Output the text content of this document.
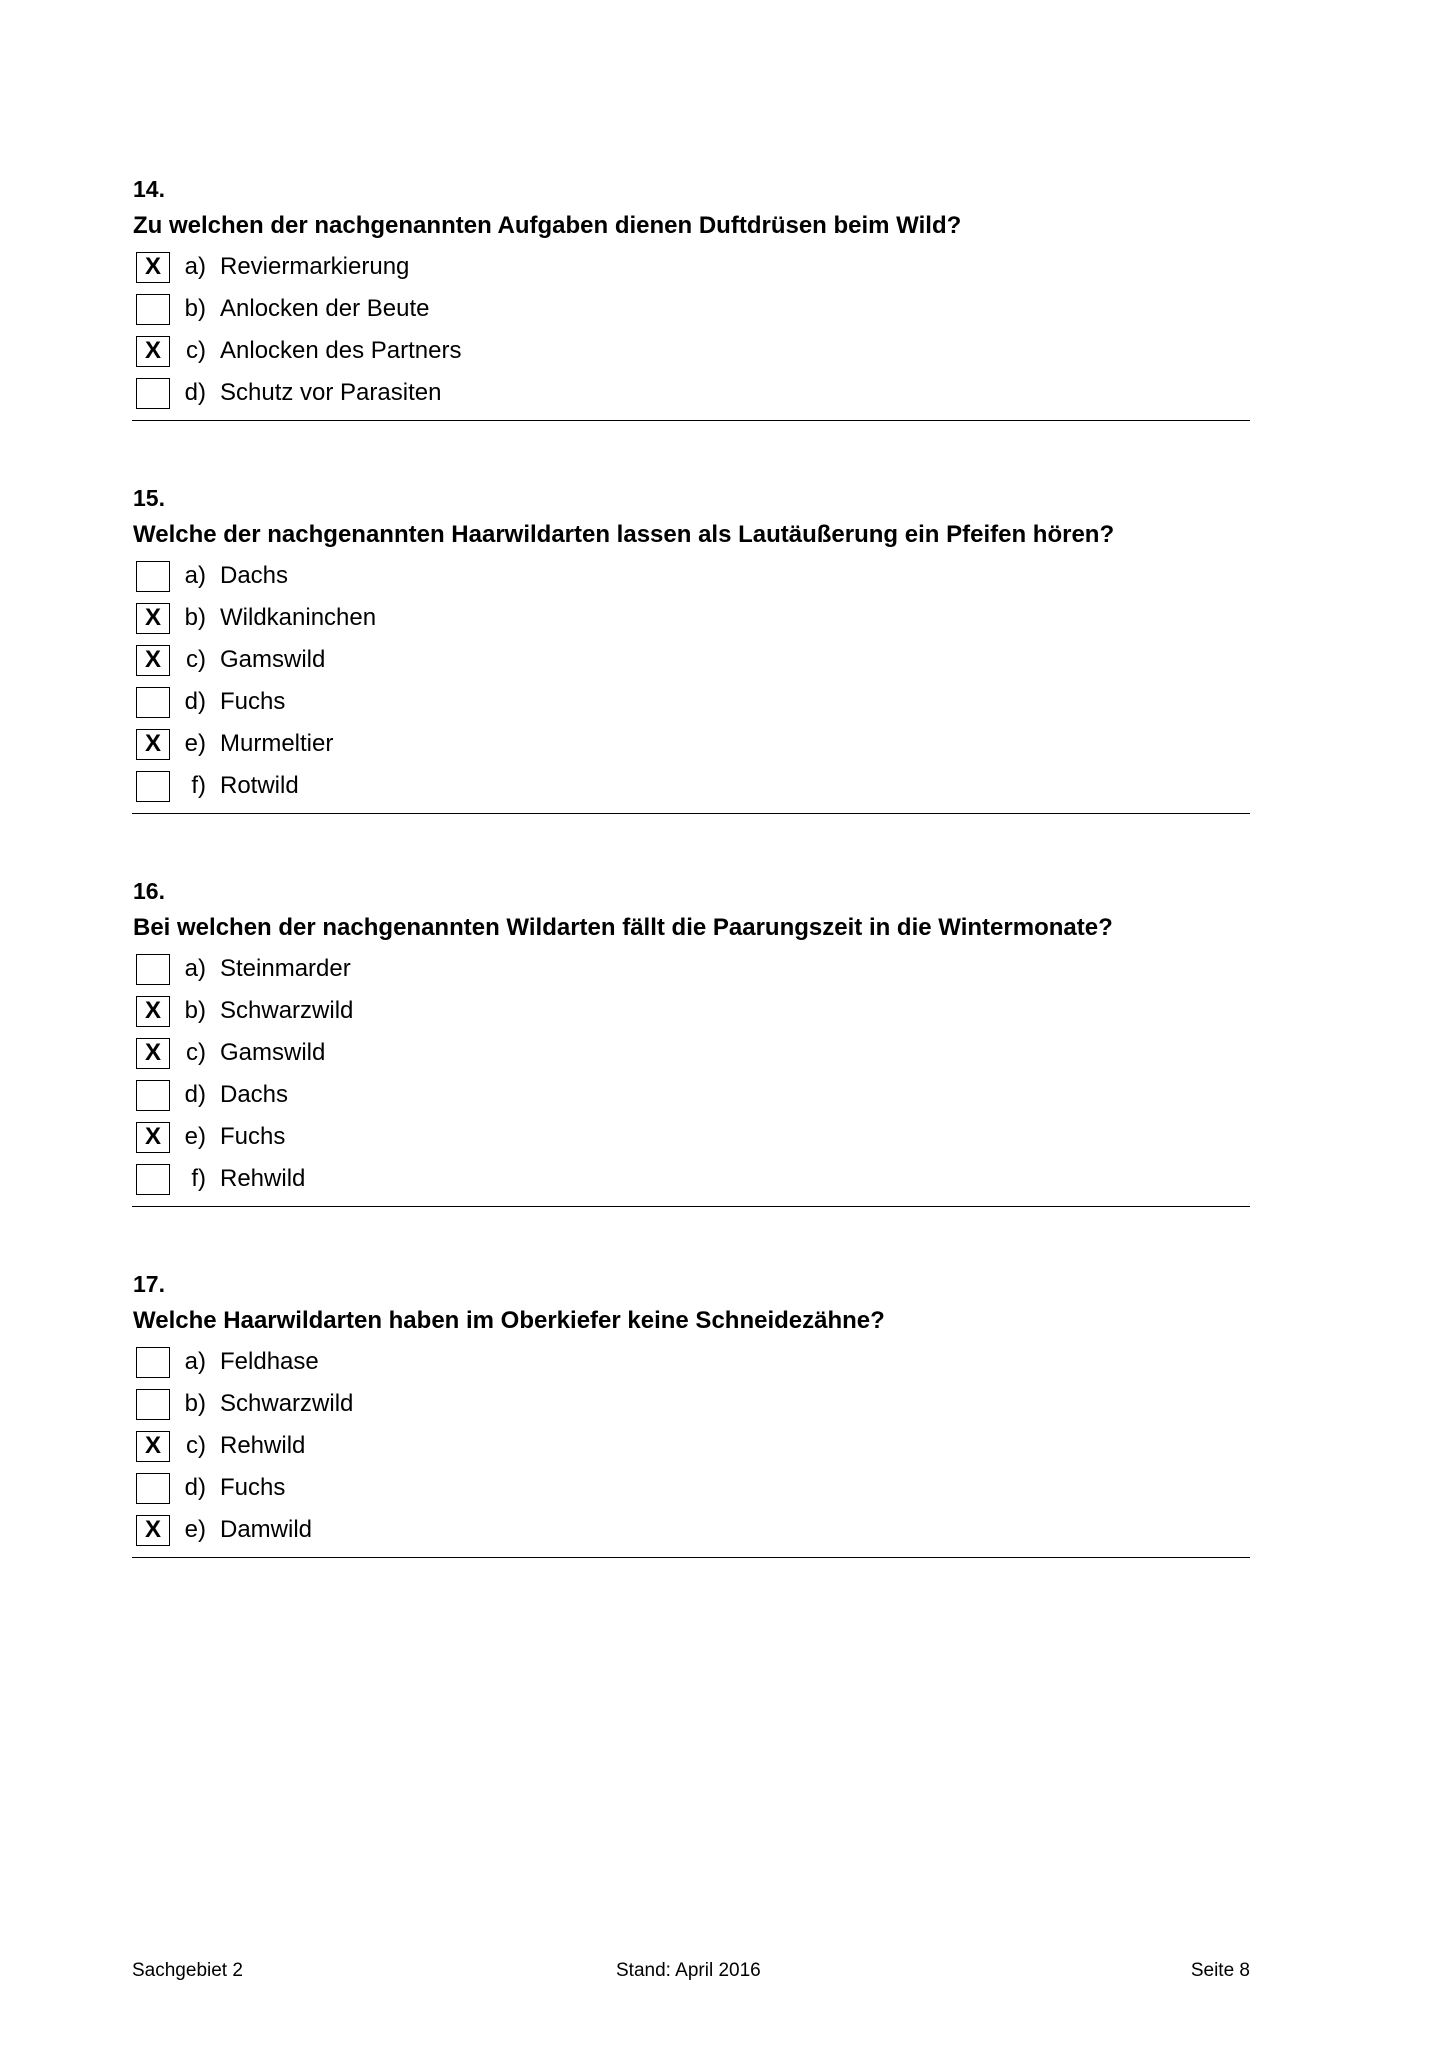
14.
Zu welchen der nachgenannten Aufgaben dienen Duftdrüsen beim Wild?
X a) Reviermarkierung
b) Anlocken der Beute
X	c) Anlocken des Partners
d) Schutz vor Parasiten
15.
Welche der nachgenannten Haarwildarten lassen als Lautäußerung ein Pfeifen hören?
a) Dachs
X b) Wildkaninchen
X	c) Gamswild
d) Fuchs
X e) Murmeltier
f) Rotwild
16.
Bei welchen der nachgenannten Wildarten fällt die Paarungszeit in die Wintermonate?
a) Steinmarder
X b) Schwarzwild
X	c) Gamswild
d) Dachs
X e) Fuchs
f) Rehwild
17.
Welche Haarwildarten haben im Oberkiefer keine Schneidezähne?
a) Feldhase
b) Schwarzwild
X	c) Rehwild
d) Fuchs
X e) Damwild
Sachgebiet 2	Stand: April 2016	Seite 8
